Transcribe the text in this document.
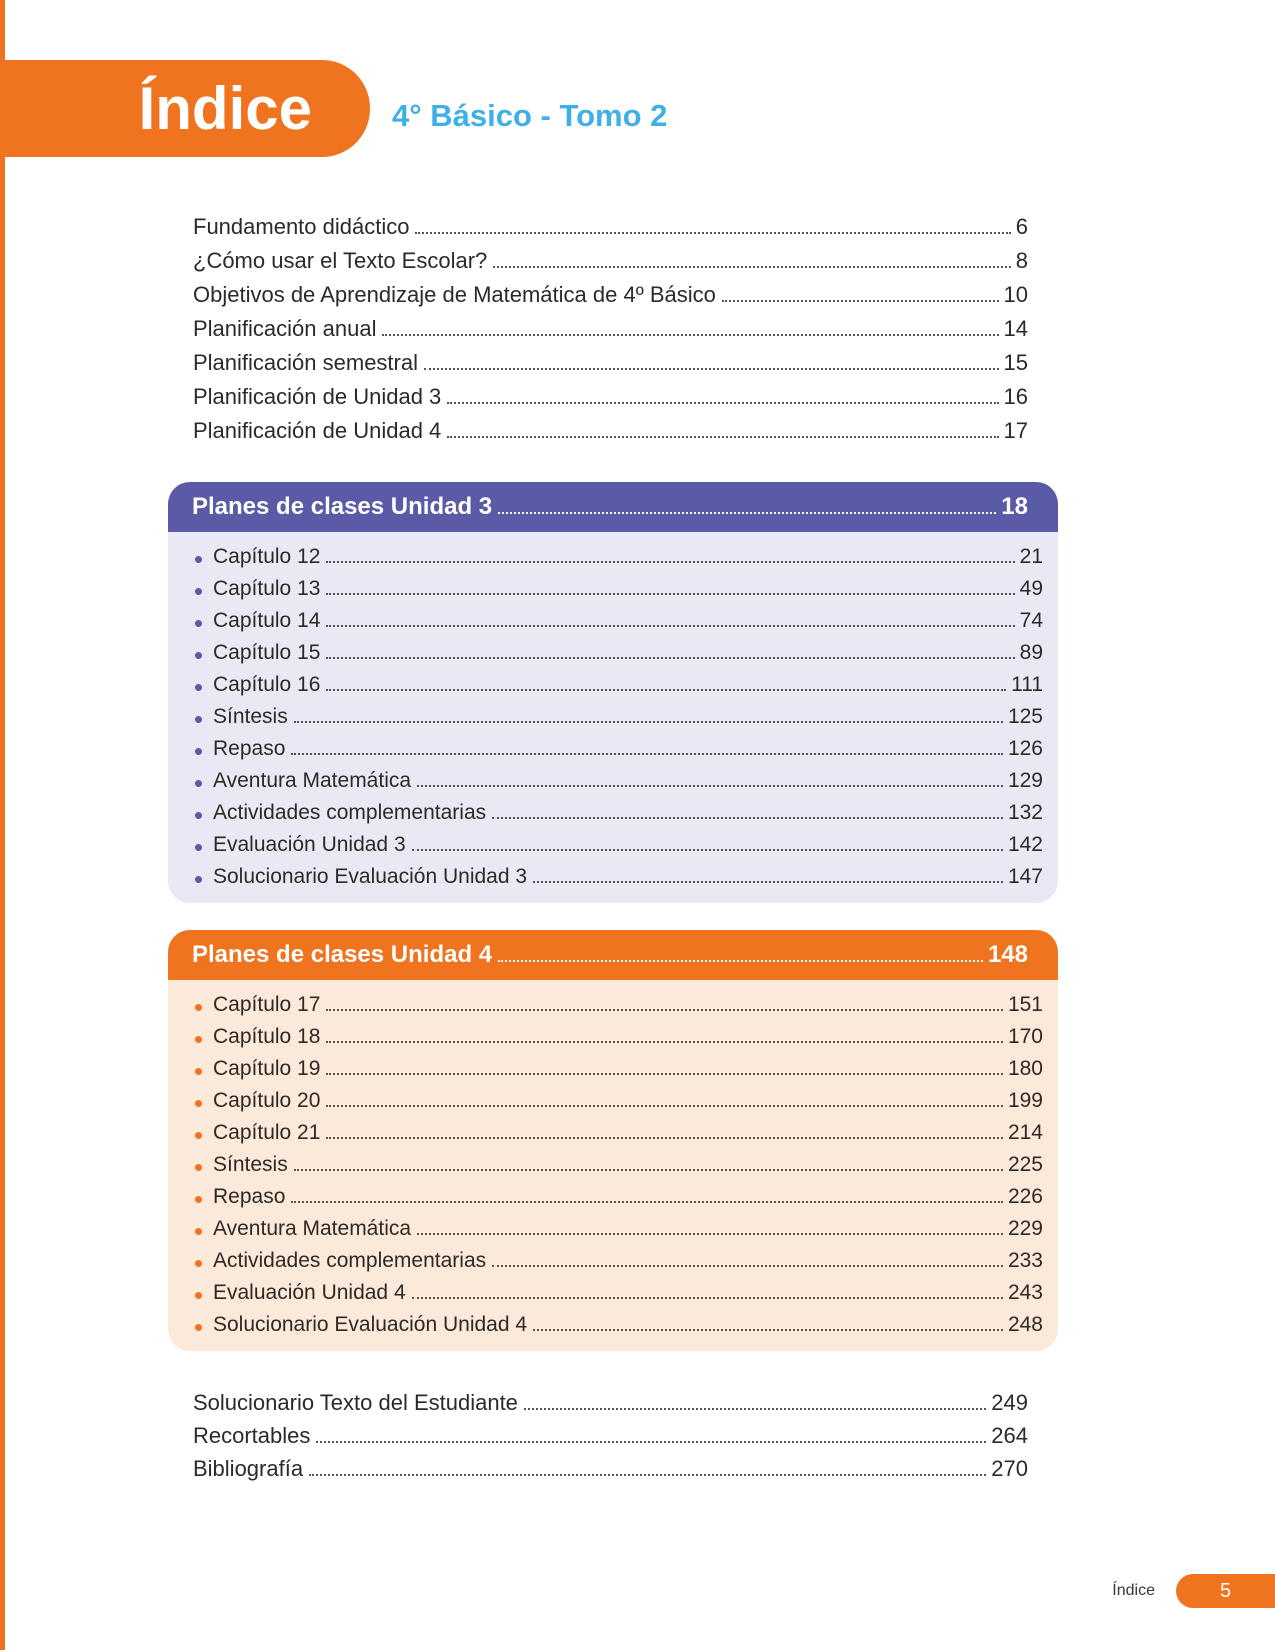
Índice	4° Básico - Tomo 2
Fundamento didáctico	6
¿Cómo usar el Texto Escolar?	8
Objetivos de Aprendizaje de Matemática de 4º Básico	10
Planificación anual	14
Planificación semestral	15
Planificación de Unidad 3	16
Planificación de Unidad 4	17
Planes de clases Unidad 3	18
Capítulo 12	21
Capítulo 13	49
Capítulo 14	74
Capítulo 15	89
Capítulo 16	111
Síntesis	125
Repaso	126
Aventura Matemática	129
Actividades complementarias	132
Evaluación Unidad 3	142
Solucionario Evaluación Unidad 3	147
Planes de clases Unidad 4	148
Capítulo 17	151
Capítulo 18	170
Capítulo 19	180
Capítulo 20	199
Capítulo 21	214
Síntesis	225
Repaso	226
Aventura Matemática	229
Actividades complementarias	233
Evaluación Unidad 4	243
Solucionario Evaluación Unidad 4	248
Solucionario Texto del Estudiante	249
Recortables	264
Bibliografía	270
Índice	5
